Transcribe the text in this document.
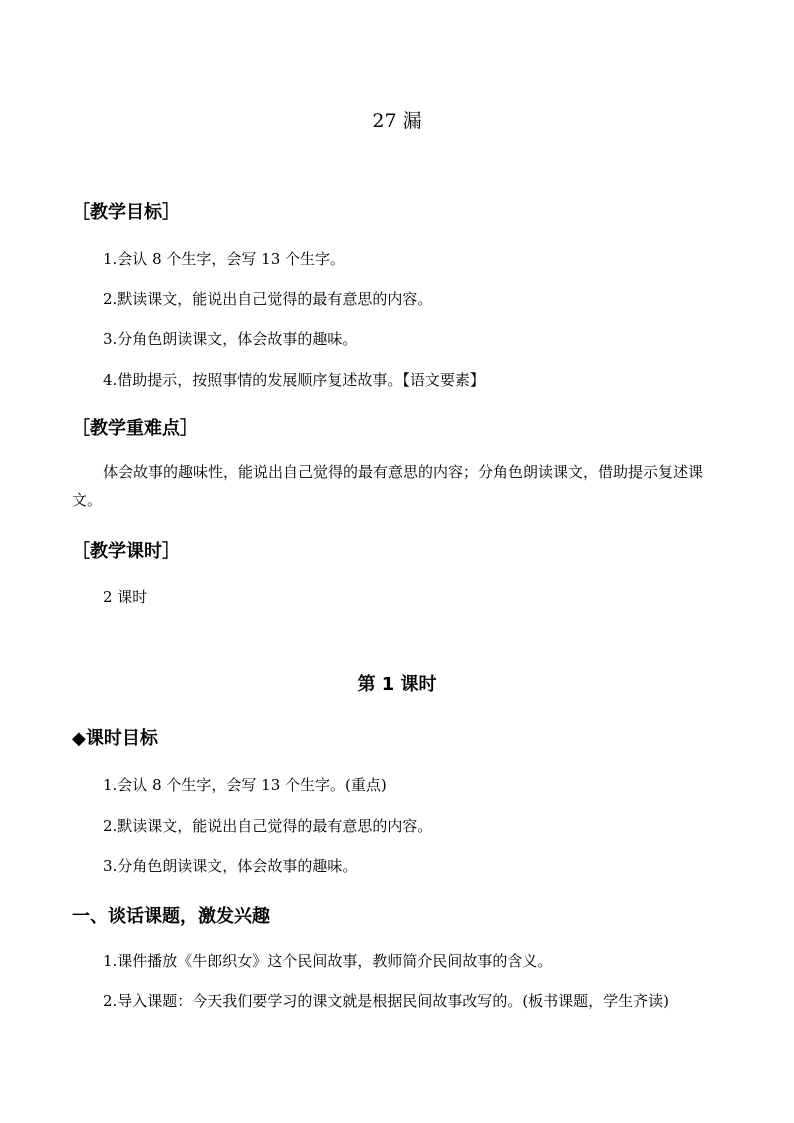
27 漏
［教学目标］
1.会认 8 个生字，会写 13 个生字。
2.默读课文，能说出自己觉得的最有意思的内容。
3.分角色朗读课文，体会故事的趣味。
4.借助提示，按照事情的发展顺序复述故事。【语文要素】
［教学重难点］
体会故事的趣味性，能说出自己觉得的最有意思的内容；分角色朗读课文，借助提示复述课文。
［教学课时］
2 课时
第 1 课时
◆课时目标
1.会认 8 个生字，会写 13 个生字。(重点)
2.默读课文，能说出自己觉得的最有意思的内容。
3.分角色朗读课文，体会故事的趣味。
一、谈话课题，激发兴趣
1.课件播放《牛郎织女》这个民间故事，教师简介民间故事的含义。
2.导入课题：今天我们要学习的课文就是根据民间故事改写的。(板书课题，学生齐读)
